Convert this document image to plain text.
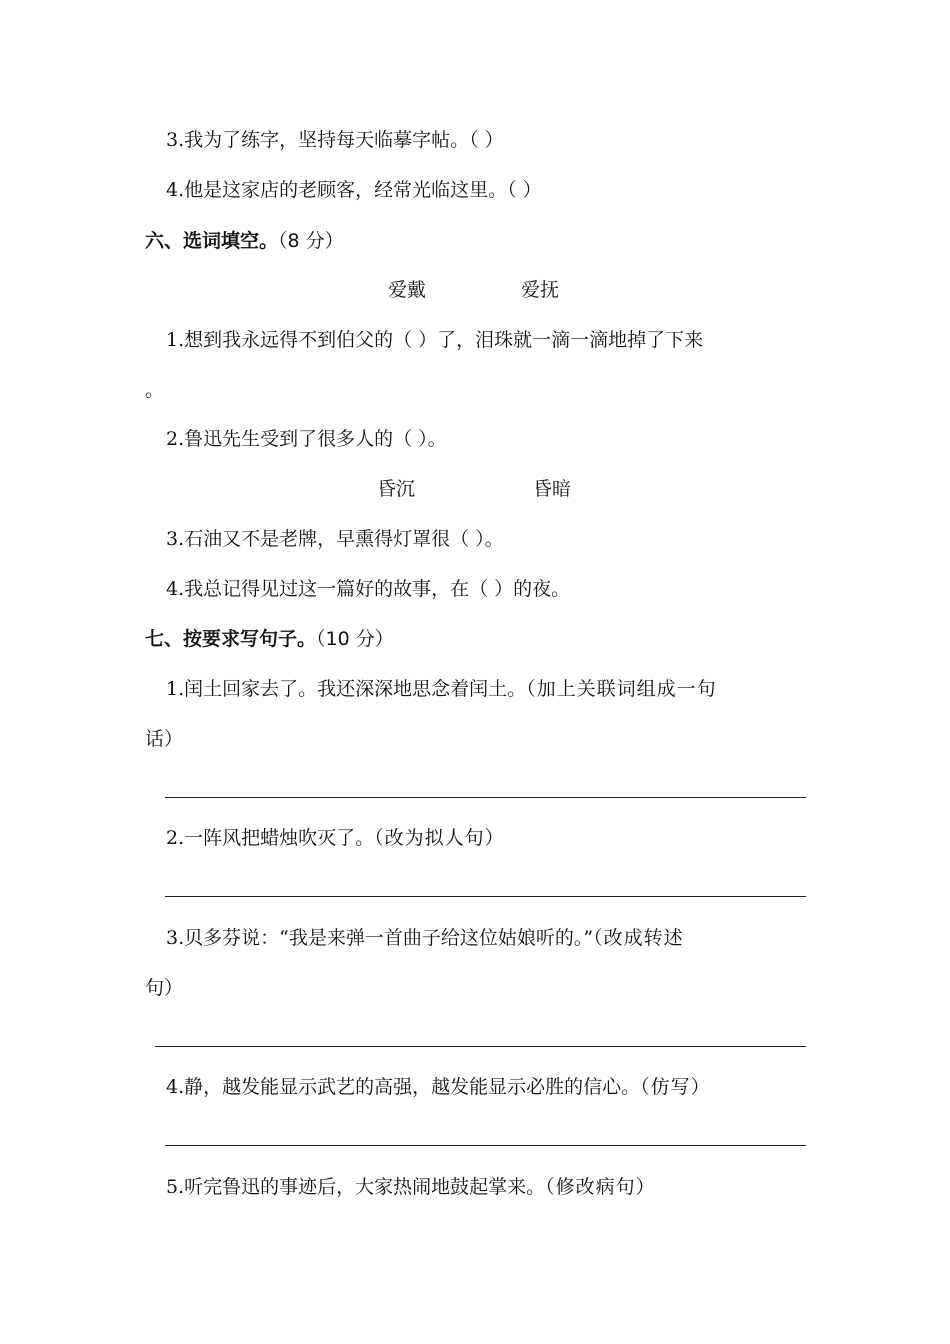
3.我为了练字，坚持每天临摹字帖。（ ）
4.他是这家店的老顾客，经常光临这里。（ ）
六、选词填空。（8 分）
爱戴	爱抚
1.想到我永远得不到伯父的（ ）了，泪珠就一滴一滴地掉了下来
。
2.鲁迅先生受到了很多人的（ ）。
昏沉	昏暗
3.石油又不是老牌，早熏得灯罩很（ ）。
4.我总记得见过这一篇好的故事，在（ ）的夜。
七、按要求写句子。（10 分）
1.闰土回家去了。我还深深地思念着闰土。（加上关联词组成一句
话）
2.一阵风把蜡烛吹灭了。（改为拟人句）
3.贝多芬说：“我是来弹一首曲子给这位姑娘听的。”（改成转述
句）
4.静，越发能显示武艺的高强，越发能显示必胜的信心。（仿写）
5.听完鲁迅的事迹后，大家热闹地鼓起掌来。（修改病句）
